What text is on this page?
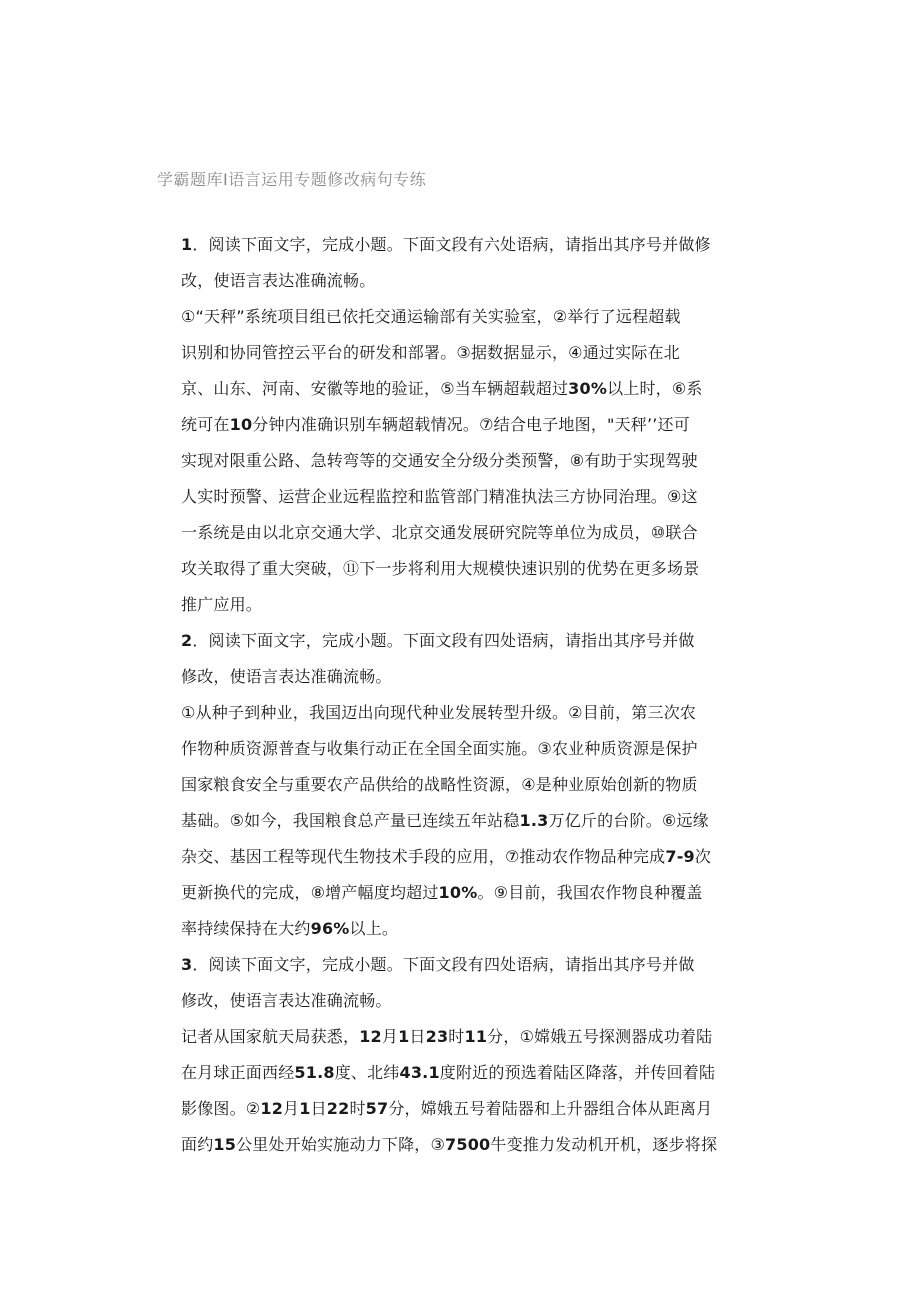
学霸题库I语言运用专题修改病句专练
1．阅读下面文字，完成小题。下面文段有六处语病，请指出其序号并做修
改，使语言表达准确流畅。
①“天秤”系统项目组已依托交通运输部有关实验室，②举行了远程超载
识别和协同管控云平台的研发和部署。③据数据显示，④通过实际在北
京、山东、河南、安徽等地的验证，⑤当车辆超载超过30%以上时，⑥系
统可在10分钟内准确识别车辆超载情况。⑦结合电子地图，"天秤’’还可
实现对限重公路、急转弯等的交通安全分级分类预警，⑧有助于实现驾驶
人实时预警、运营企业远程监控和监管部门精准执法三方协同治理。⑨这
一系统是由以北京交通大学、北京交通发展研究院等单位为成员，⑩联合
攻关取得了重大突破，⑪下一步将利用大规模快速识别的优势在更多场景
推广应用。
2．阅读下面文字，完成小题。下面文段有四处语病，请指出其序号并做
修改，使语言表达准确流畅。
①从种子到种业，我国迈出向现代种业发展转型升级。②目前，第三次农
作物种质资源普查与收集行动正在全国全面实施。③农业种质资源是保护
国家粮食安全与重要农产品供给的战略性资源，④是种业原始创新的物质
基础。⑤如今，我国粮食总产量已连续五年站稳1.3万亿斤的台阶。⑥远缘
杂交、基因工程等现代生物技术手段的应用，⑦推动农作物品种完成7-9次
更新换代的完成，⑧增产幅度均超过10%。⑨目前，我国农作物良种覆盖
率持续保持在大约96%以上。
3．阅读下面文字，完成小题。下面文段有四处语病，请指出其序号并做
修改，使语言表达准确流畅。
记者从国家航天局获悉，12月1日23时11分，①嫦娥五号探测器成功着陆
在月球正面西经51.8度、北纬43.1度附近的预选着陆区降落，并传回着陆
影像图。②12月1日22时57分，嫦娥五号着陆器和上升器组合体从距离月
面约15公里处开始实施动力下降，③7500牛变推力发动机开机，逐步将探
